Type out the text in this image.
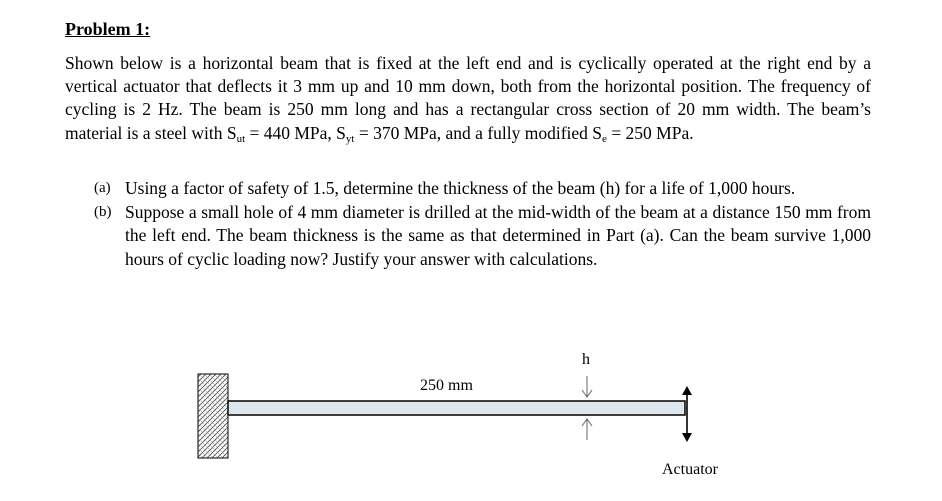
Problem 1:

Shown below is a horizontal beam that is fixed at the left end and is cyclically operated at the right end by a vertical actuator that deflects it 3 mm up and 10 mm down, both from the horizontal position. The frequency of cycling is 2 Hz. The beam is 250 mm long and has a rectangular cross section of 20 mm width. The beam’s material is a steel with $S_{ut} = 440$ MPa, $S_{yt} = 370$ MPa, and a fully modified $S_e = 250$ MPa.

(a) Using a factor of safety of 1.5, determine the thickness of the beam (h) for a life of 1,000 hours.
(b) Suppose a small hole of 4 mm diameter is drilled at the mid-width of the beam at a distance 150 mm from the left end. The beam thickness is the same as that determined in Part (a). Can the beam survive 1,000 hours of cyclic loading now? Justify your answer with calculations.
250 mm
h
Actuator
